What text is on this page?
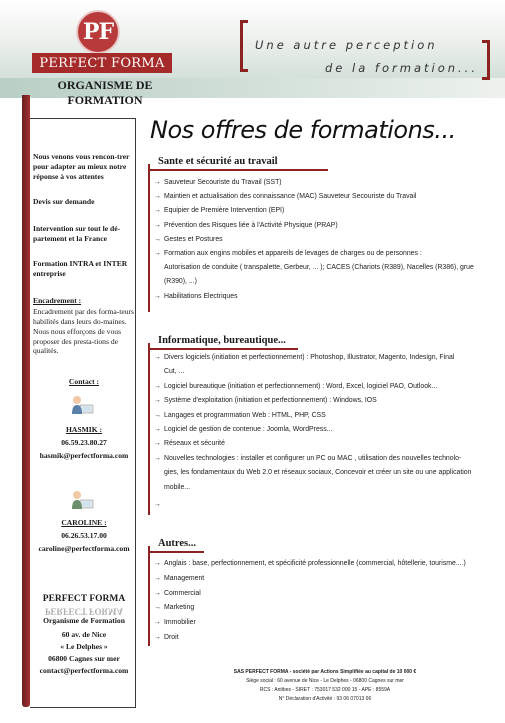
PF
PERFECT FORMA
ORGANISME DE FORMATION
Une autre perception
de la formation...
Nous venons vous rencon-trer pour adapter au mieux notre réponse à vos attentes
Devis sur demande
Intervention sur tout le dé-partement et la France
Formation INTRA et INTER entreprise
Encadrement :
Encadrement par des forma-teurs habilités dans leurs do-maines. Nous nous efforçons de vous proposer des presta-tions de qualités.
Contact :
HASMIK :
06.59.23.80.27
hasmik@perfectforma.com
CAROLINE :
06.26.53.17.00
caroline@perfectforma.com
PERFECT FORMA
PERFECT FORMA
Organisme de Formation
60 av. de Nice
« Le Delphes »
06800 Cagnes sur mer
contact@perfectforma.com
Nos offres de formations...
Sante et sécurité au travail
→ Sauveteur Secouriste du Travail (SST)
→ Maintien et actualisation des connaissance (MAC) Sauveteur Secouriste du Travail
→ Equipier de Première Intervention (EPI)
→ Prévention des Risques liée à l'Activité Physique (PRAP)
→ Gestes et Postures
→ Formation aux engins mobiles et appareils de levages de charges ou de personnes :
Autorisation de conduite ( transpalette, Gerbeur, ... ); CACES (Chariots (R389), Nacelles (R386), grue
(R390), ...)
→ Habilitations Electriques
Informatique, bureautique...
→ Divers logiciels (initiation et perfectionnement) : Photoshop, Illustrator, Magento, Indesign, Final
Cut, ...
→ Logiciel bureautique (initiation et perfectionnement) : Word, Excel, logiciel PAO, Outlook...
→ Système d'exploitation (initiation et perfectionnement) : Windows, IOS
→ Langages et programmation Web : HTML, PHP, CSS
→ Logiciel de gestion de contenue : Joomla, WordPress...
→ Réseaux et sécurité
→ Nouvelles technologies : installer et configurer un PC ou MAC , utilisation des nouvelles technolo-
gies, les fondamentaux du Web 2.0 et réseaux sociaux, Concevoir et créer un site ou une application
mobile...
→
Autres...
→ Anglais : base, perfectionnement, et spécificité professionnelle (commercial, hôtellerie, tourisme....)
→ Management
→ Commercial
→ Marketing
→ Immobilier
→ Droit
SAS PERFECT FORMA - société par Actions Simplifiée au capital de 10 000 €
Siège social : 60 avenue de Nice - Le Delphes - 06800 Cagnes sur mer
RCS : Antibes - SIRET : 753017 532 000 15 - APE : 8559A
N° Déclaration d'Activité : 93 06 07013 06
